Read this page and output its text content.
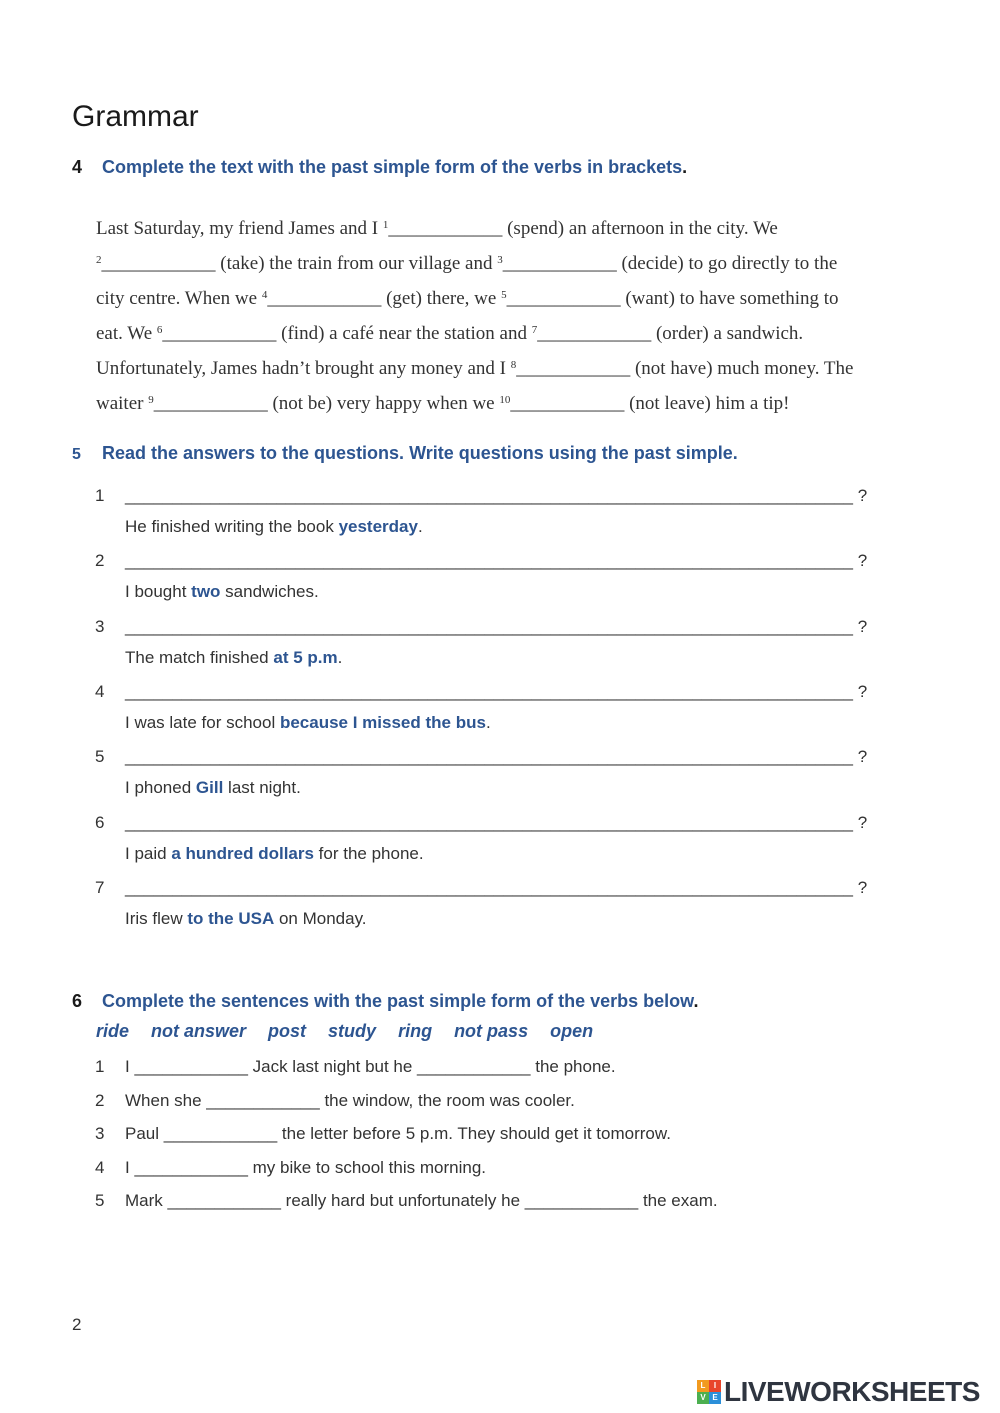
Grammar
4 Complete the text with the past simple form of the verbs in brackets.
Last Saturday, my friend James and I $^1$____________ (spend) an afternoon in the city. We
$^2$____________ (take) the train from our village and $^3$____________ (decide) to go directly to the
city centre. When we $^4$____________ (get) there, we $^5$____________ (want) to have something to
eat. We $^6$____________ (find) a café near the station and $^7$____________ (order) a sandwich.
Unfortunately, James hadn’t brought any money and I $^8$____________ (not have) much money. The
waiter $^9$____________ (not be) very happy when we $^{10}$____________ (not leave) him a tip!
5 Read the answers to the questions. Write questions using the past simple.
1 _____________________________________________________________________________ ?
He finished writing the book yesterday.
2 _____________________________________________________________________________ ?
I bought two sandwiches.
3 _____________________________________________________________________________ ?
The match finished at 5 p.m.
4 _____________________________________________________________________________ ?
I was late for school because I missed the bus.
5 _____________________________________________________________________________ ?
I phoned Gill last night.
6 _____________________________________________________________________________ ?
I paid a hundred dollars for the phone.
7 _____________________________________________________________________________ ?
Iris flew to the USA on Monday.
6 Complete the sentences with the past simple form of the verbs below.
ride not answer post study ring not pass open
1 I ____________ Jack last night but he ____________ the phone.
2 When she ____________ the window, the room was cooler.
3 Paul ____________ the letter before 5 p.m. They should get it tomorrow.
4 I ____________ my bike to school this morning.
5 Mark ____________ really hard but unfortunately he ____________ the exam.
2
L	I
V E LIVEWORKSHEETS
